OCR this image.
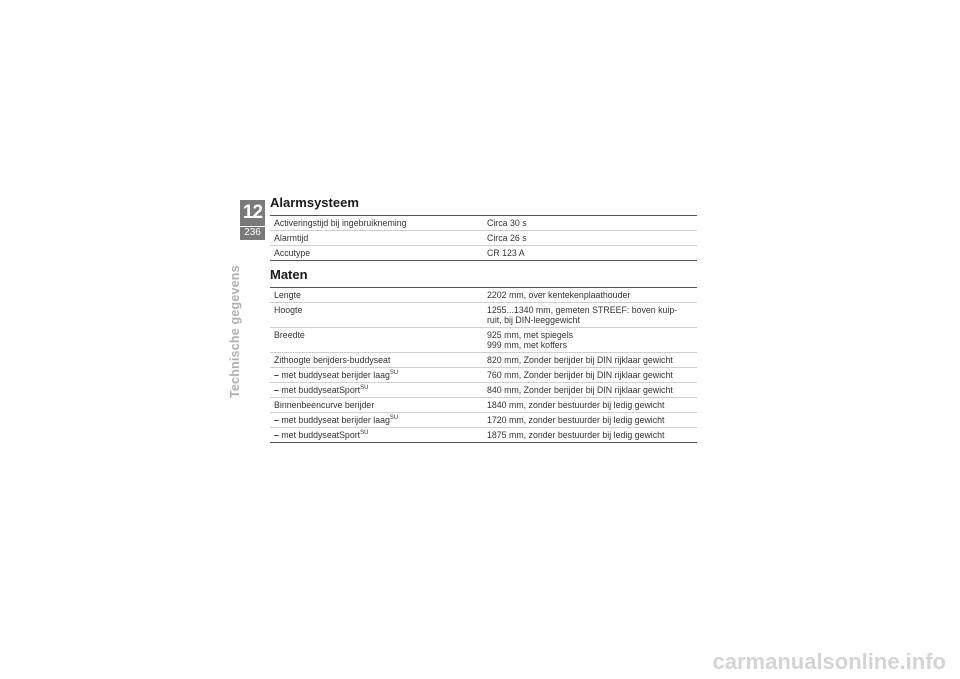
12
236
Technische gegevens
Alarmsysteem
Activeringstijd bij ingebruikneming	Circa 30 s
Alarmtijd	Circa 26 s
Accutype	CR 123 A
Maten
Lengte	2202 mm, over kentekenplaathouder
Hoogte	1255...1340 mm, gemeten STREEF: boven kuip-
ruit, bij DIN-leeggewicht
Breedte	925 mm, met spiegels
999 mm, met koffers
Zithoogte berijders-buddyseat	820 mm, Zonder berijder bij DIN rijklaar gewicht
– met buddyseat berijder laag$^{SU}$	760 mm, Zonder berijder bij DIN rijklaar gewicht
– met buddyseatSport$^{SU}$	840 mm, Zonder berijder bij DIN rijklaar gewicht
Binnenbeencurve berijder	1840 mm, zonder bestuurder bij ledig gewicht
– met buddyseat berijder laag$^{SU}$	1720 mm, zonder bestuurder bij ledig gewicht
– met buddyseatSport$^{SU}$	1875 mm, zonder bestuurder bij ledig gewicht
carmanualsonline.info
